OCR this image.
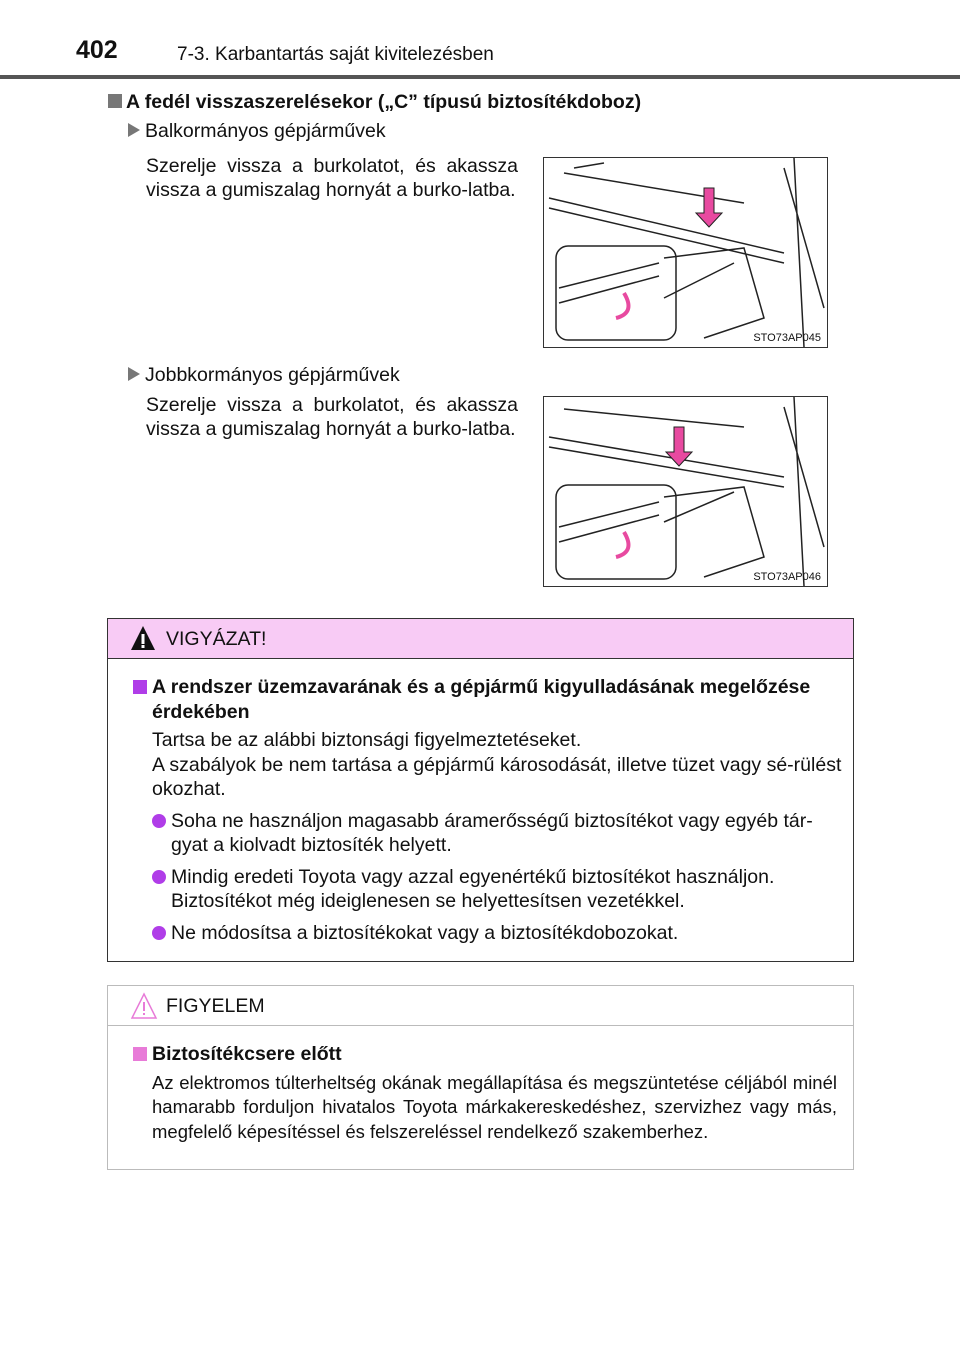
402	7-3. Karbantartás saját kivitelezésben
A fedél visszaszerelésekor („C” típusú biztosítékdoboz)
Balkormányos gépjárművek
Szerelje vissza a burkolatot, és akassza vissza a gumiszalag hornyát a burko-latba.
STO73AP045
Jobbkormányos gépjárművek
Szerelje vissza a burkolatot, és akassza vissza a gumiszalag hornyát a burko-latba.
STO73AP046
VIGYÁZAT!
A rendszer üzemzavarának és a gépjármű kigyulladásának megelőzése érdekében
Tartsa be az alábbi biztonsági figyelmeztetéseket.
A szabályok be nem tartása a gépjármű károsodását, illetve tüzet vagy sé-rülést okozhat.
Soha ne használjon magasabb áramerősségű biztosítékot vagy egyéb tár-gyat a kiolvadt biztosíték helyett.
Mindig eredeti Toyota vagy azzal egyenértékű biztosítékot használjon. Biztosítékot még ideiglenesen se helyettesítsen vezetékkel.
Ne módosítsa a biztosítékokat vagy a biztosítékdobozokat.
FIGYELEM
Biztosítékcsere előtt
Az elektromos túlterheltség okának megállapítása és megszüntetése céljából minél hamarabb forduljon hivatalos Toyota márkakereskedéshez, szervizhez vagy más, megfelelő képesítéssel és felszereléssel rendelkező szakemberhez.
